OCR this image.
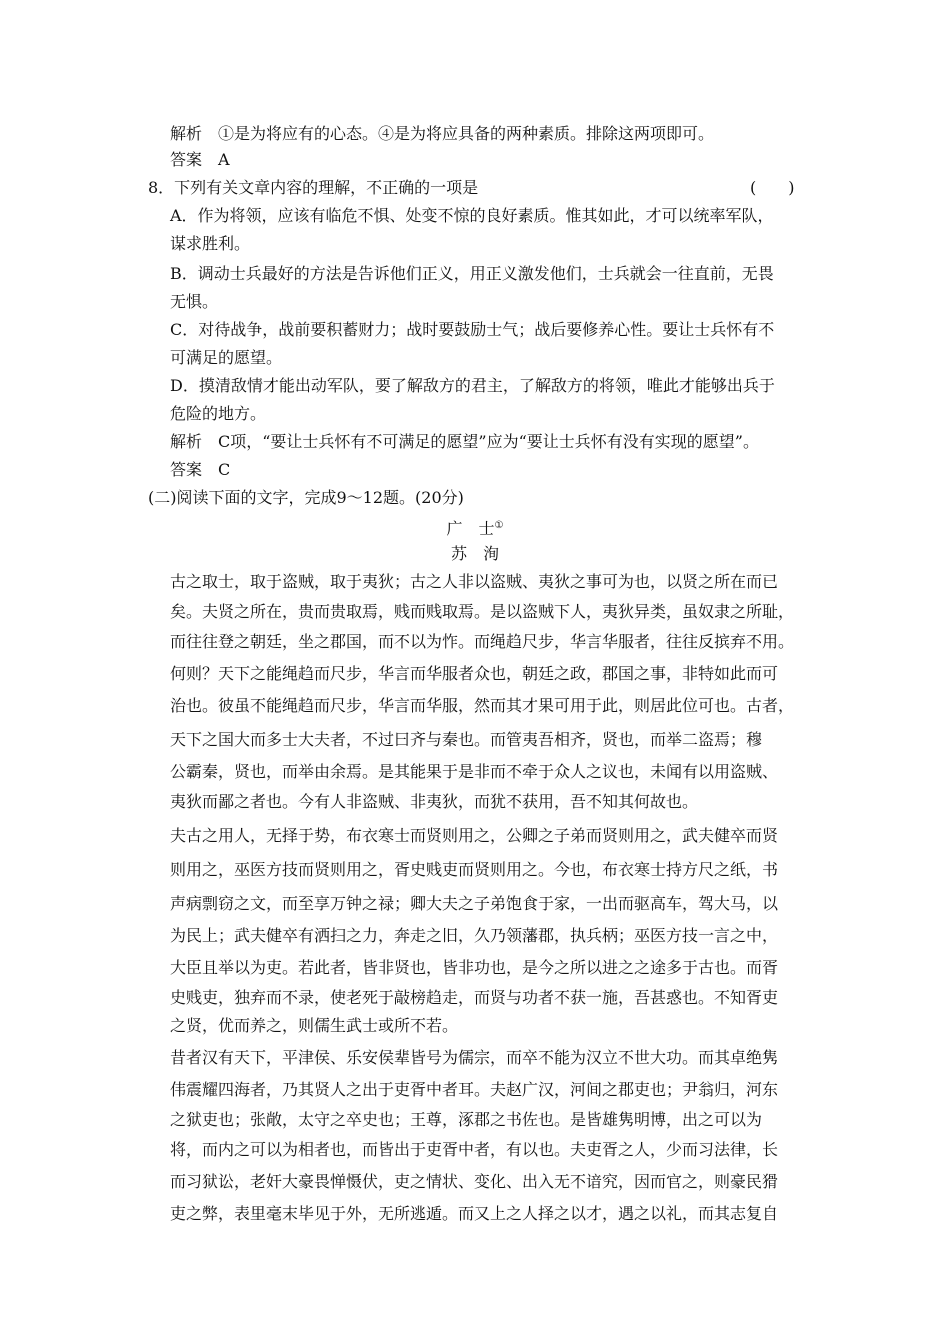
(　　)
广　士①
苏　洵
解析　①是为将应有的心态。④是为将应具备的两种素质。排除这两项即可。
答案　A
8．下列有关文章内容的理解，不正确的一项是
A．作为将领，应该有临危不惧、处变不惊的良好素质。惟其如此，才可以统率军队，
谋求胜利。
B．调动士兵最好的方法是告诉他们正义，用正义激发他们，士兵就会一往直前，无畏
无惧。
C．对待战争，战前要积蓄财力；战时要鼓励士气；战后要修养心性。要让士兵怀有不
可满足的愿望。
D．摸清敌情才能出动军队，要了解敌方的君主，了解敌方的将领，唯此才能够出兵于
危险的地方。
解析　C项，“要让士兵怀有不可满足的愿望”应为“要让士兵怀有没有实现的愿望”。
答案　C
(二)阅读下面的文字，完成9～12题。(20分)
古之取士，取于盗贼，取于夷狄；古之人非以盗贼、夷狄之事可为也，以贤之所在而已
矣。夫贤之所在，贵而贵取焉，贱而贱取焉。是以盗贼下人，夷狄异类，虽奴隶之所耻，
而往往登之朝廷，坐之郡国，而不以为怍。而绳趋尺步，华言华服者，往往反摈弃不用。
何则？天下之能绳趋而尺步，华言而华服者众也，朝廷之政，郡国之事，非特如此而可
治也。彼虽不能绳趋而尺步，华言而华服，然而其才果可用于此，则居此位可也。古者，
天下之国大而多士大夫者，不过曰齐与秦也。而管夷吾相齐，贤也，而举二盗焉；穆
公霸秦，贤也，而举由余焉。是其能果于是非而不牵于众人之议也，未闻有以用盗贼、
夷狄而鄙之者也。今有人非盗贼、非夷狄，而犹不获用，吾不知其何故也。
夫古之用人，无择于势，布衣寒士而贤则用之，公卿之子弟而贤则用之，武夫健卒而贤
则用之，巫医方技而贤则用之，胥史贱吏而贤则用之。今也，布衣寒士持方尺之纸，书
声病剽窃之文，而至享万钟之禄；卿大夫之子弟饱食于家，一出而驱高车，驾大马，以
为民上；武夫健卒有洒扫之力，奔走之旧，久乃领藩郡，执兵柄；巫医方技一言之中，
大臣且举以为吏。若此者，皆非贤也，皆非功也，是今之所以进之之途多于古也。而胥
史贱吏，独弃而不录，使老死于敲榜趋走，而贤与功者不获一施，吾甚惑也。不知胥吏
之贤，优而养之，则儒生武士或所不若。
昔者汉有天下，平津侯、乐安侯辈皆号为儒宗，而卒不能为汉立不世大功。而其卓绝隽
伟震耀四海者，乃其贤人之出于吏胥中者耳。夫赵广汉，河间之郡吏也；尹翁归，河东
之狱吏也；张敞，太守之卒史也；王尊，涿郡之书佐也。是皆雄隽明博，出之可以为
将，而内之可以为相者也，而皆出于吏胥中者，有以也。夫吏胥之人，少而习法律，长
而习狱讼，老奸大豪畏惮慑伏，吏之情状、变化、出入无不谙究，因而官之，则豪民猾
吏之弊，表里毫末毕见于外，无所逃遁。而又上之人择之以才，遇之以礼，而其志复自
